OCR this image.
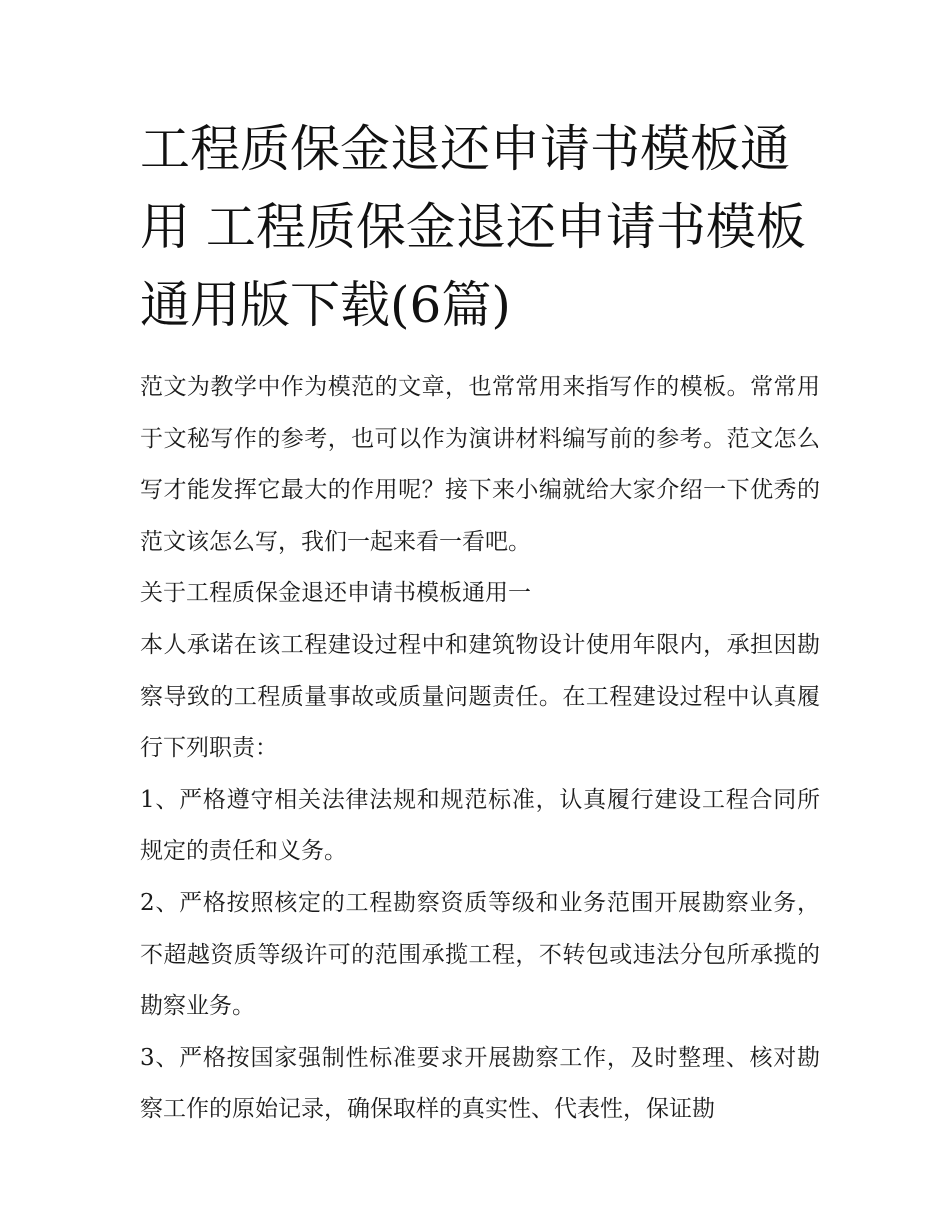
工程质保金退还申请书模板通用 工程质保金退还申请书模板通用版下载(6篇)

范文为教学中作为模范的文章，也常常用来指写作的模板。常常用于文秘写作的参考，也可以作为演讲材料编写前的参考。范文怎么写才能发挥它最大的作用呢？接下来小编就给大家介绍一下优秀的范文该怎么写，我们一起来看一看吧。

关于工程质保金退还申请书模板通用一

本人承诺在该工程建设过程中和建筑物设计使用年限内，承担因勘察导致的工程质量事故或质量问题责任。在工程建设过程中认真履行下列职责：

1、严格遵守相关法律法规和规范标准，认真履行建设工程合同所规定的责任和义务。

2、严格按照核定的工程勘察资质等级和业务范围开展勘察业务，不超越资质等级许可的范围承揽工程，不转包或违法分包所承揽的勘察业务。

3、严格按国家强制性标准要求开展勘察工作，及时整理、核对勘察工作的原始记录，确保取样的真实性、代表性，保证勘
